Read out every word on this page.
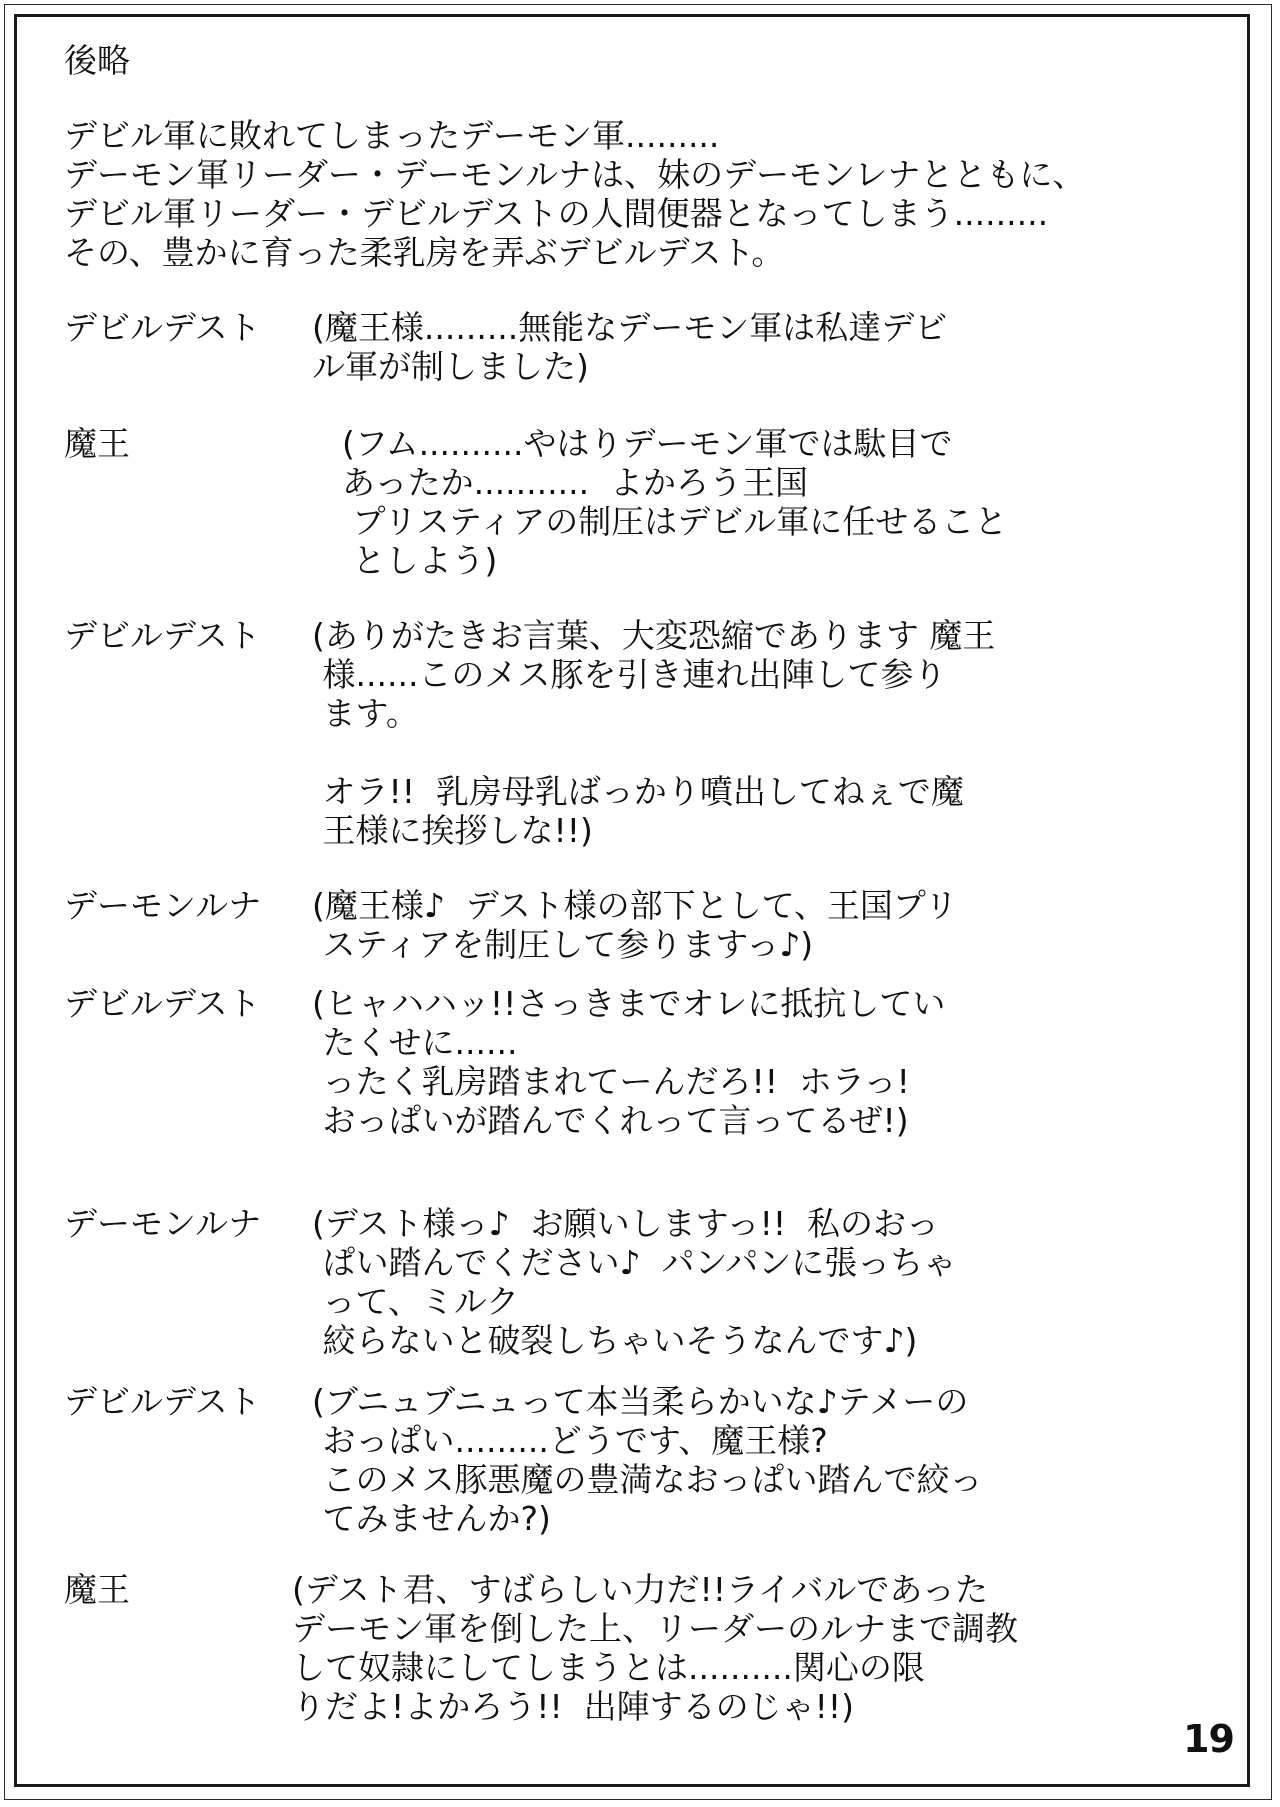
後略

デビル軍に敗れてしまったデーモン軍.........

デーモン軍リーダー・デーモンルナは、妹のデーモンレナとともに、

デビル軍リーダー・デビルデストの人間便器となってしまう.........

その、豊かに育った柔乳房を弄ぶデビルデスト。

デビルデスト	(魔王様.........無能なデーモン軍は私達デビ

ル軍が制しました)

魔王	(フム..........やはりデーモン軍では駄目で

あったか...........  よかろう王国

プリスティアの制圧はデビル軍に任せること

としよう)

デビルデスト	(ありがたきお言葉、大変恐縮であります 魔王

様......このメス豚を引き連れ出陣して参り

ます。

オラ!!  乳房母乳ばっかり噴出してねぇで魔

王様に挨拶しな!!)

デーモンルナ	(魔王様♪  デスト様の部下として、王国プリ

スティアを制圧して参りますっ♪)

デビルデスト	(ヒャハハッ!!さっきまでオレに抵抗してい

たくせに......

ったく乳房踏まれてーんだろ!!  ホラっ!

おっぱいが踏んでくれって言ってるぜ!)

デーモンルナ	(デスト様っ♪  お願いしますっ!!  私のおっ

ぱい踏んでください♪  パンパンに張っちゃ

って、ミルク

絞らないと破裂しちゃいそうなんです♪)

デビルデスト	(ブニュブニュって本当柔らかいな♪テメーの

おっぱい.........どうです、魔王様?

このメス豚悪魔の豊満なおっぱい踏んで絞っ

てみませんか?)

魔王	(デスト君、すばらしい力だ!!ライバルであった

デーモン軍を倒した上、リーダーのルナまで調教

して奴隷にしてしまうとは..........関心の限

りだよ!よかろう!!  出陣するのじゃ!!)

19
